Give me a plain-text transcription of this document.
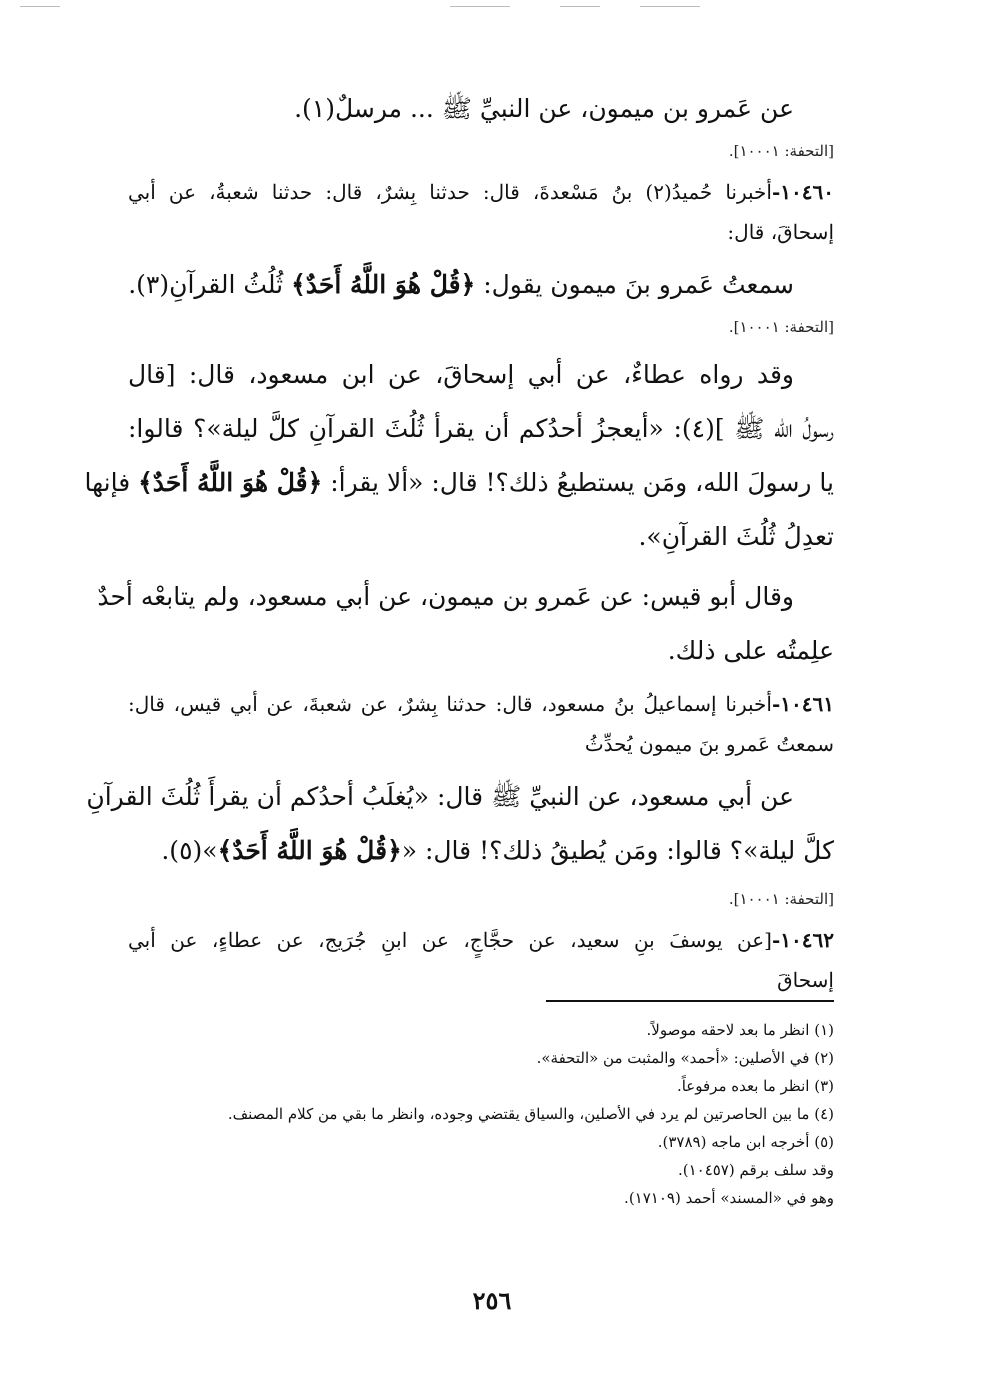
عن عَمرو بن ميمون، عن النبيِّ ﷺ ... مرسلٌ(١).
[التحفة: ١٠٠٠١].
١٠٤٦٠-أخبرنا حُميدُ(٢) بنُ مَسْعدةَ، قال: حدثنا بِشرٌ، قال: حدثنا شعبةُ، عن أبي
إسحاقَ، قال:
سمعتُ عَمرو بنَ ميمون يقول: ﴿قُلْ هُوَ اللَّهُ أَحَدٌ﴾ ثُلُثُ القرآنِ(٣).
[التحفة: ١٠٠٠١].
وقد رواه عطاءٌ، عن أبي إسحاقَ، عن ابن مسعود، قال: [قال
رسولُ الله ﷺ ](٤): «أيعجزُ أحدُكم أن يقرأ ثُلُثَ القرآنِ كلَّ ليلة»؟ قالوا:
يا رسولَ الله، ومَن يستطيعُ ذلك؟! قال: «ألا يقرأ: ﴿قُلْ هُوَ اللَّهُ أَحَدٌ﴾ فإنها
تعدِلُ ثُلُثَ القرآنِ».
وقال أبو قيس: عن عَمرو بن ميمون، عن أبي مسعود، ولم يتابعْه أحدٌ
علِمتُه على ذلك.
١٠٤٦١-أخبرنا إسماعيلُ بنُ مسعود، قال: حدثنا بِشرٌ، عن شعبةَ، عن أبي قيس، قال:
سمعتُ عَمرو بنَ ميمون يُحدِّثُ
عن أبي مسعود، عن النبيِّ ﷺ قال: «يُغلَبُ أحدُكم أن يقرأَ ثُلُثَ القرآنِ
كلَّ ليلة»؟ قالوا: ومَن يُطيقُ ذلك؟! قال: «﴿قُلْ هُوَ اللَّهُ أَحَدٌ﴾»(٥).
[التحفة: ١٠٠٠١].
١٠٤٦٢-[عن يوسفَ بنِ سعيد، عن حجَّاجٍ، عن ابنِ جُرَيج، عن عطاءٍ، عن أبي
إسحاقَ
(١) انظر ما بعد لاحقه موصولاً.
(٢) في الأصلين: «أحمد» والمثبت من «التحفة».
(٣) انظر ما بعده مرفوعاً.
(٤) ما بين الحاصرتين لم يرد في الأصلين، والسياق يقتضي وجوده، وانظر ما بقي من كلام المصنف.
(٥) أخرجه ابن ماجه (٣٧٨٩).
وقد سلف برقم (١٠٤٥٧).
وهو في «المسند» أحمد (١٧١٠٩).
٢٥٦
